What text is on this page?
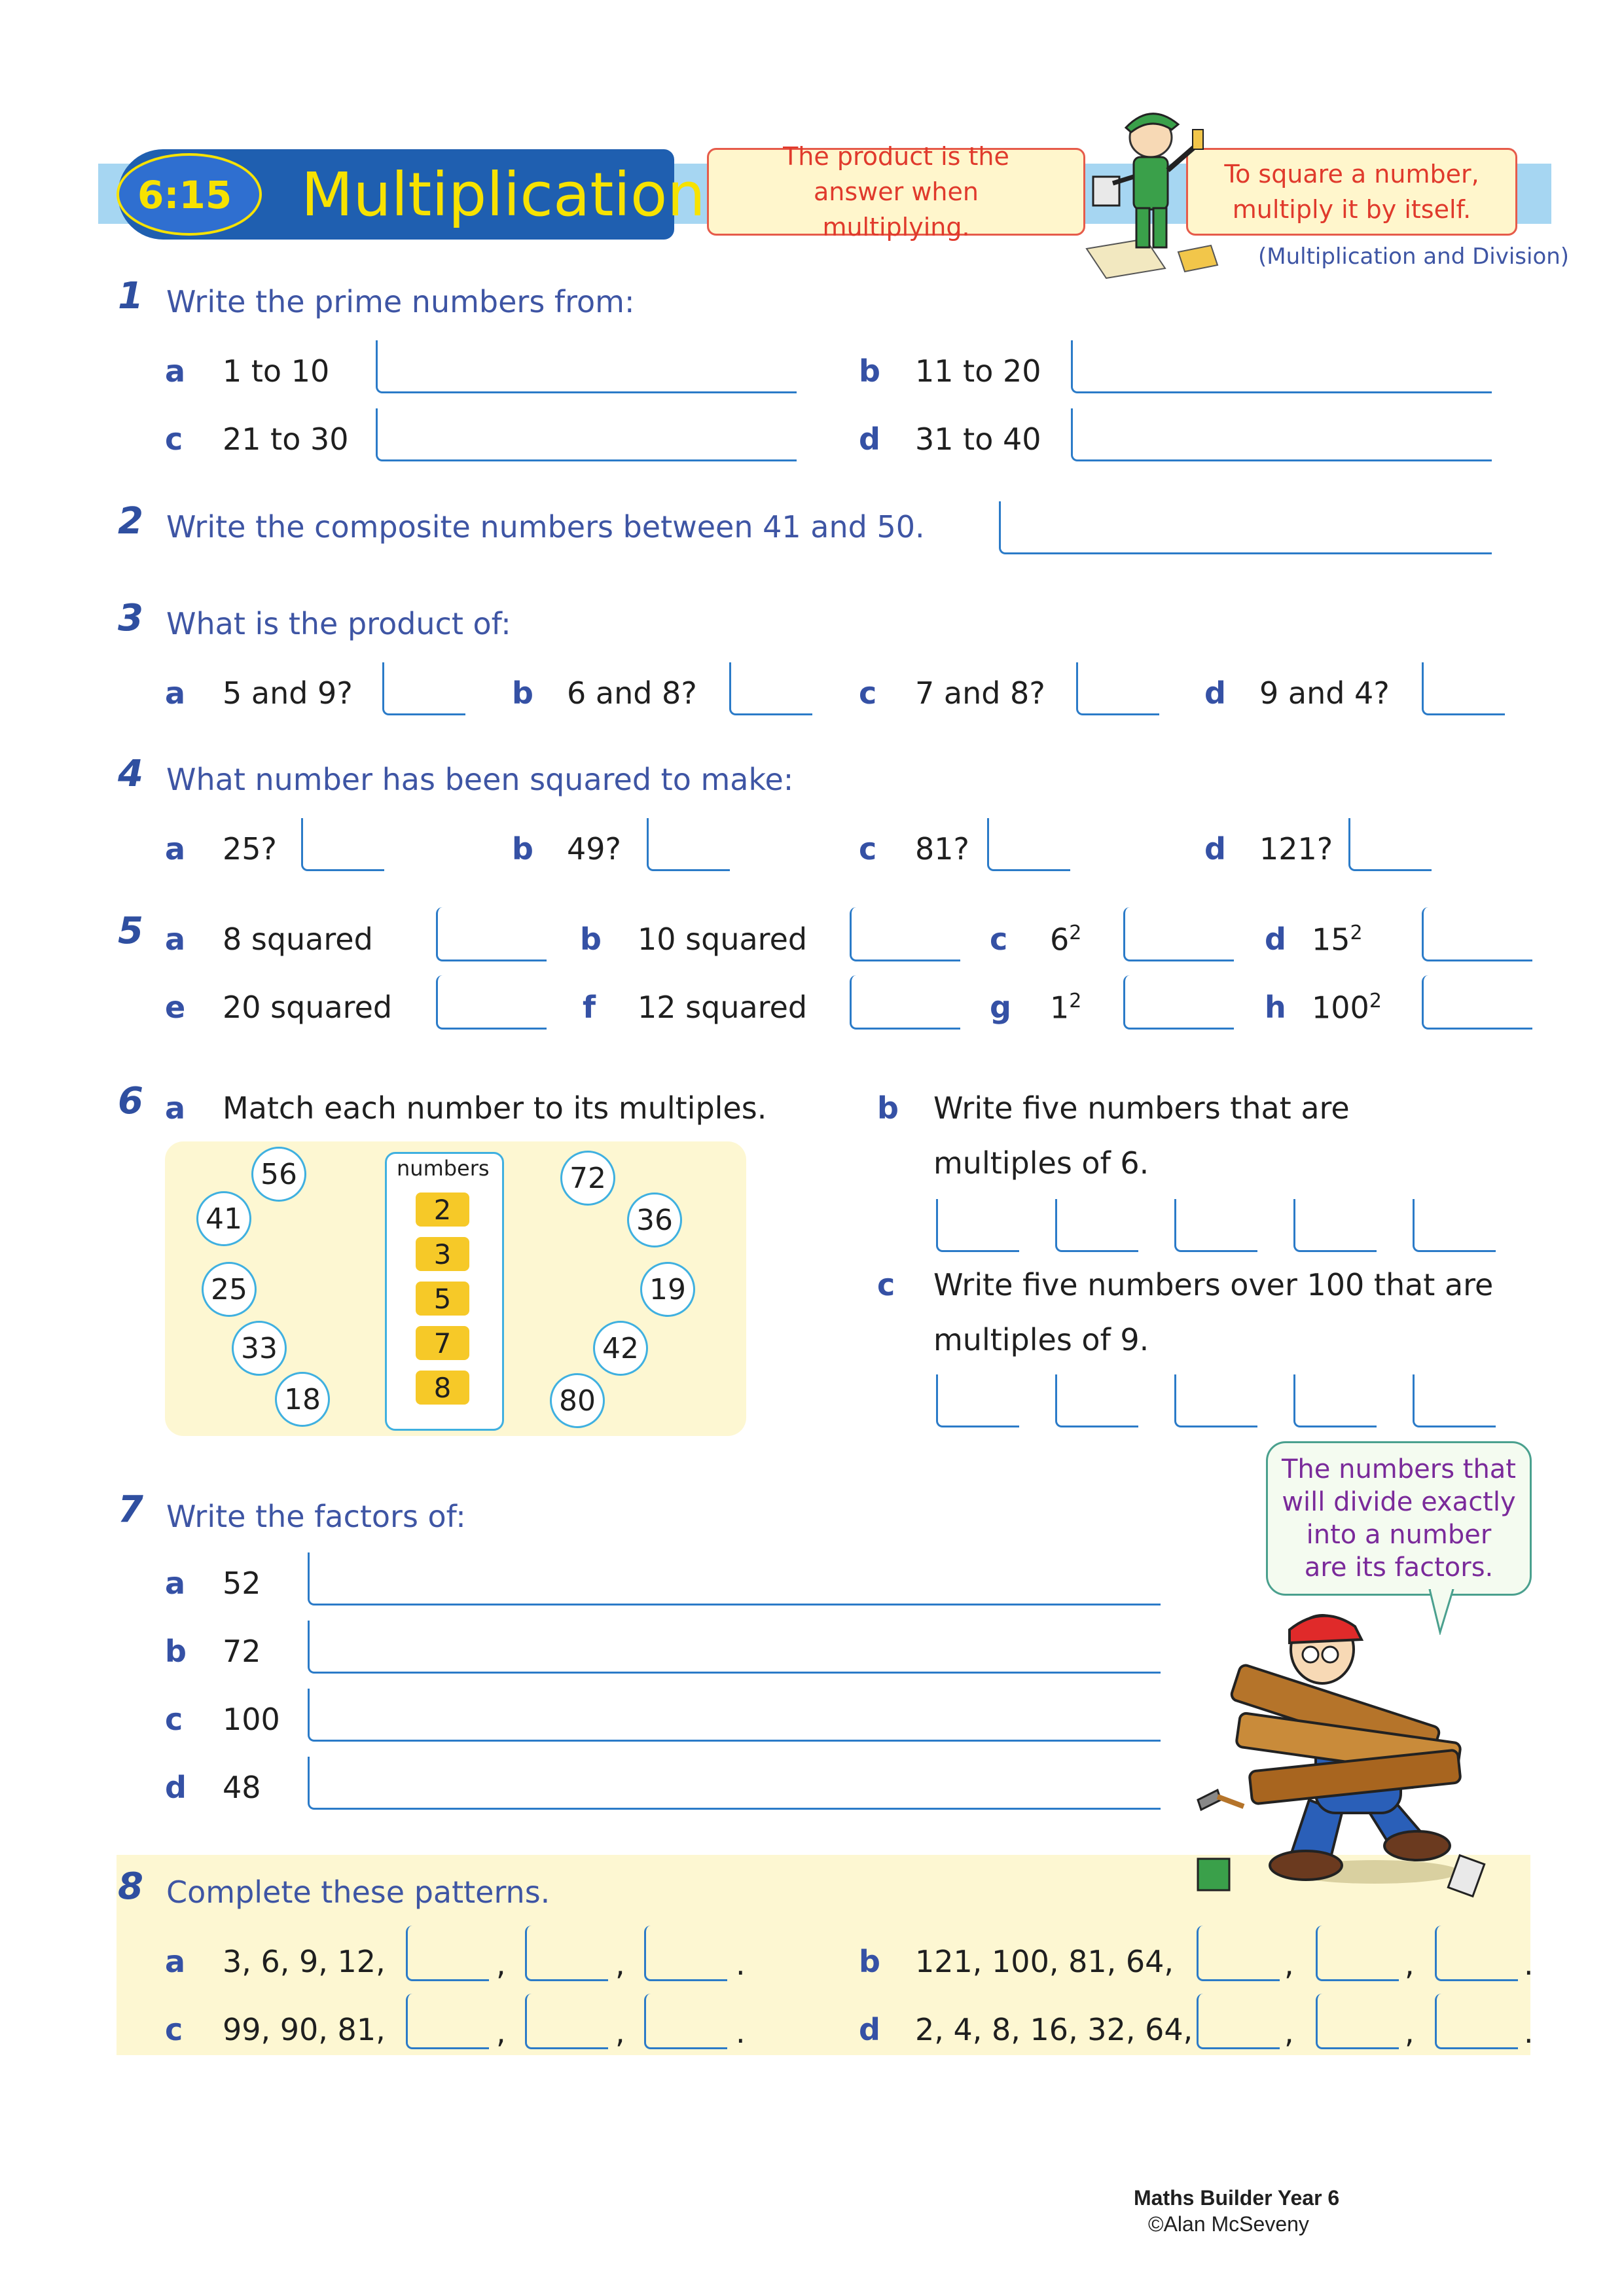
6:15 Multiplication
The product is the answer when multiplying.
To square a number, multiply it by itself.
(Multiplication and Division)
1 Write the prime numbers from:
a 1 to 10	b 11 to 20
c 21 to 30	d 31 to 40
2 Write the composite numbers between 41 and 50.
3 What is the product of:
a 5 and 9?	b 6 and 8?	c 7 and 8?	d 9 and 4?
4 What number has been squared to make:
a 25?	b 49?	c 81?	d 121?
5 a 8 squared	b 10 squared	c $6^2$	d $15^2$
e 20 squared	f 12 squared	g $1^2$	h $100^2$
6 a Match each number to its multiples.
numbers
2
3
5
7
8
56
41
25
33
18
72
36
19
42
80
b Write five numbers that are
multiples of 6.
c Write five numbers over 100 that are
multiples of 9.
7 Write the factors of:
a 52
b 72
c 100
d 48
The numbers that will divide exactly into a number are its factors.
8 Complete these patterns.
a 3, 6, 9, 12,	,	,	.	b 121, 100, 81, 64,	,	,	.
c 99, 90, 81,	,	,	.	d 2, 4, 8, 16, 32, 64,	,	,	.
Maths Builder Year 6
©Alan McSeveny
